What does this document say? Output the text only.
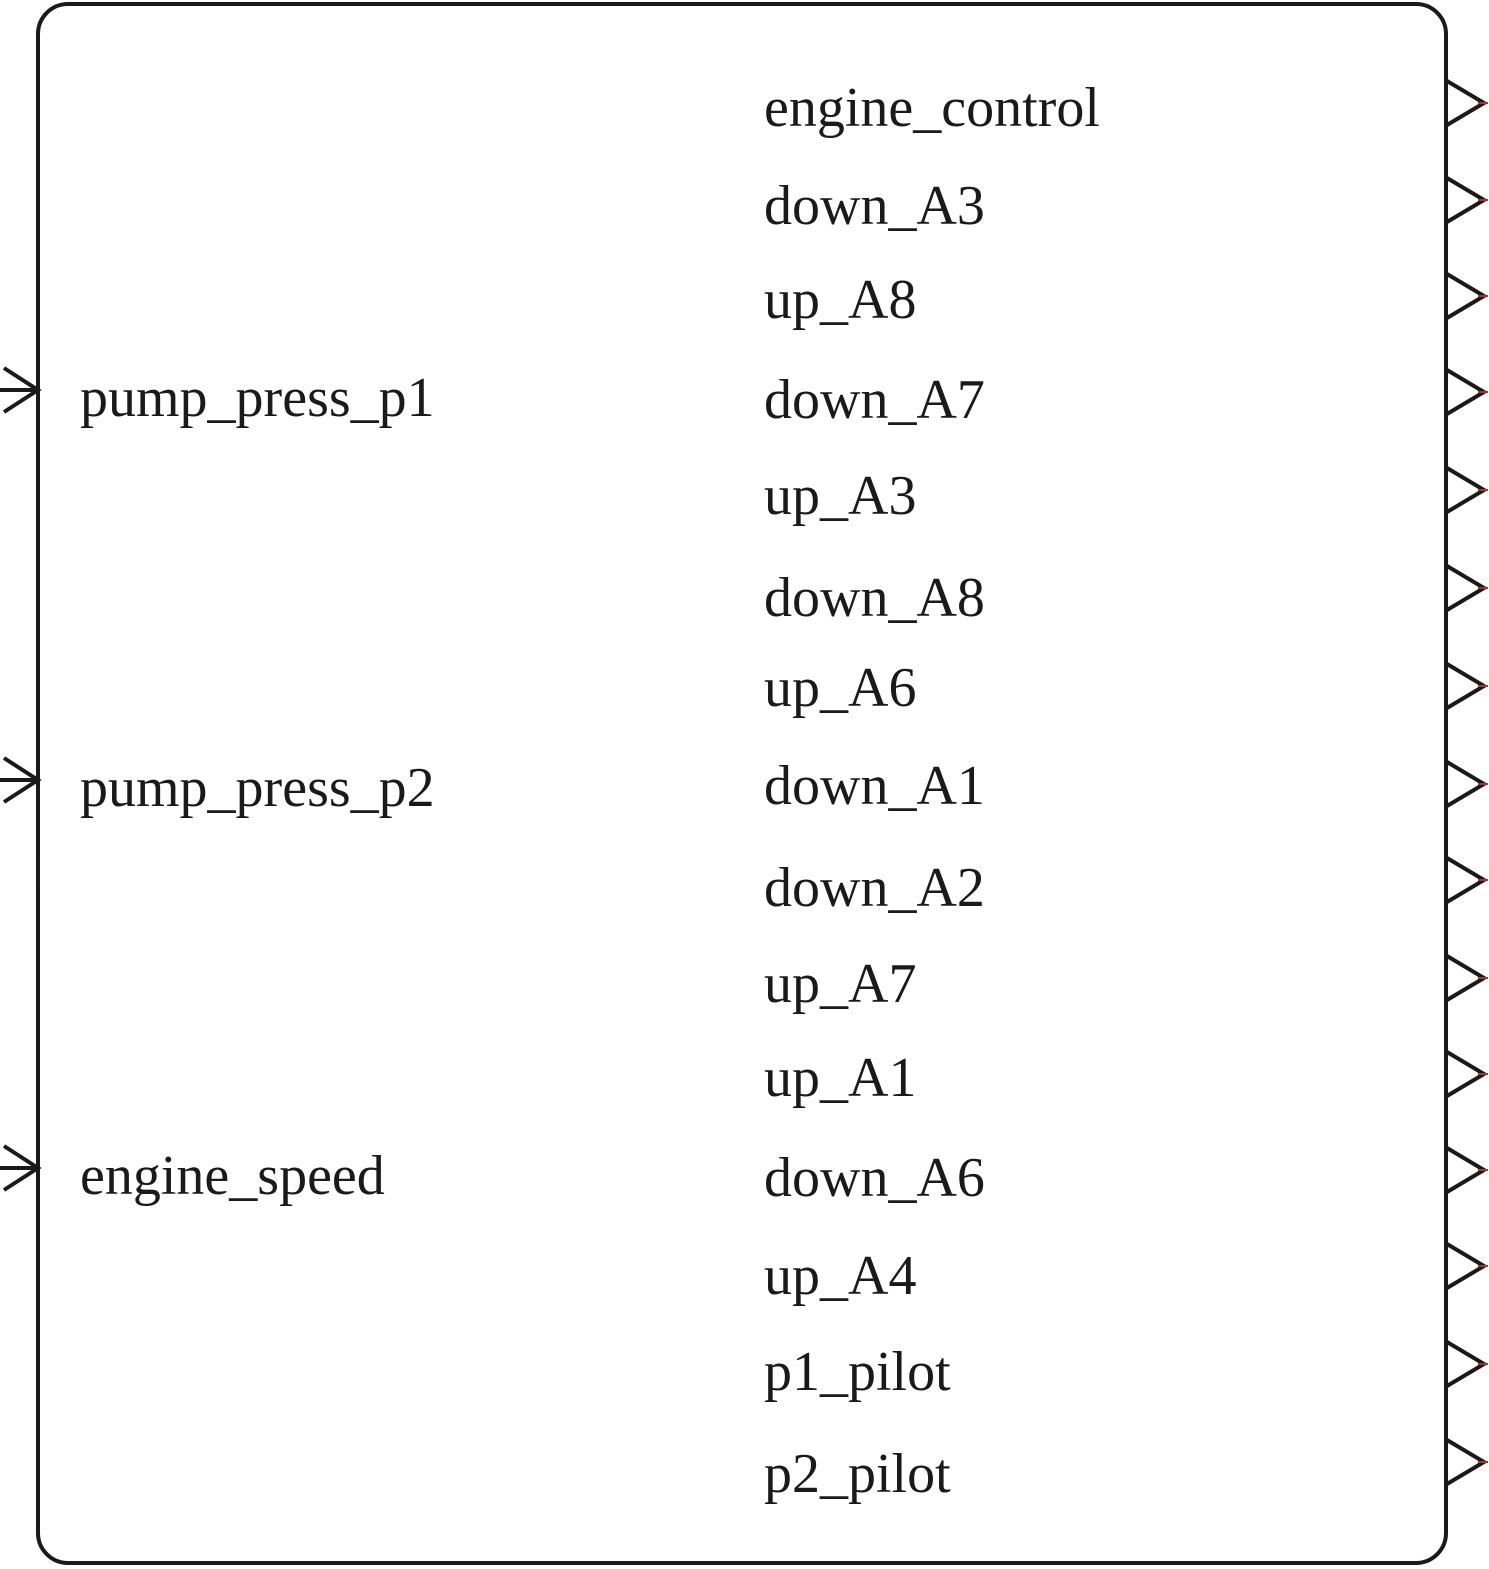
pump_press_p1
pump_press_p2
engine_speed
engine_control
down_A3
up_A8
down_A7
up_A3
down_A8
up_A6
down_A1
down_A2
up_A7
up_A1
down_A6
up_A4
p1_pilot
p2_pilot
